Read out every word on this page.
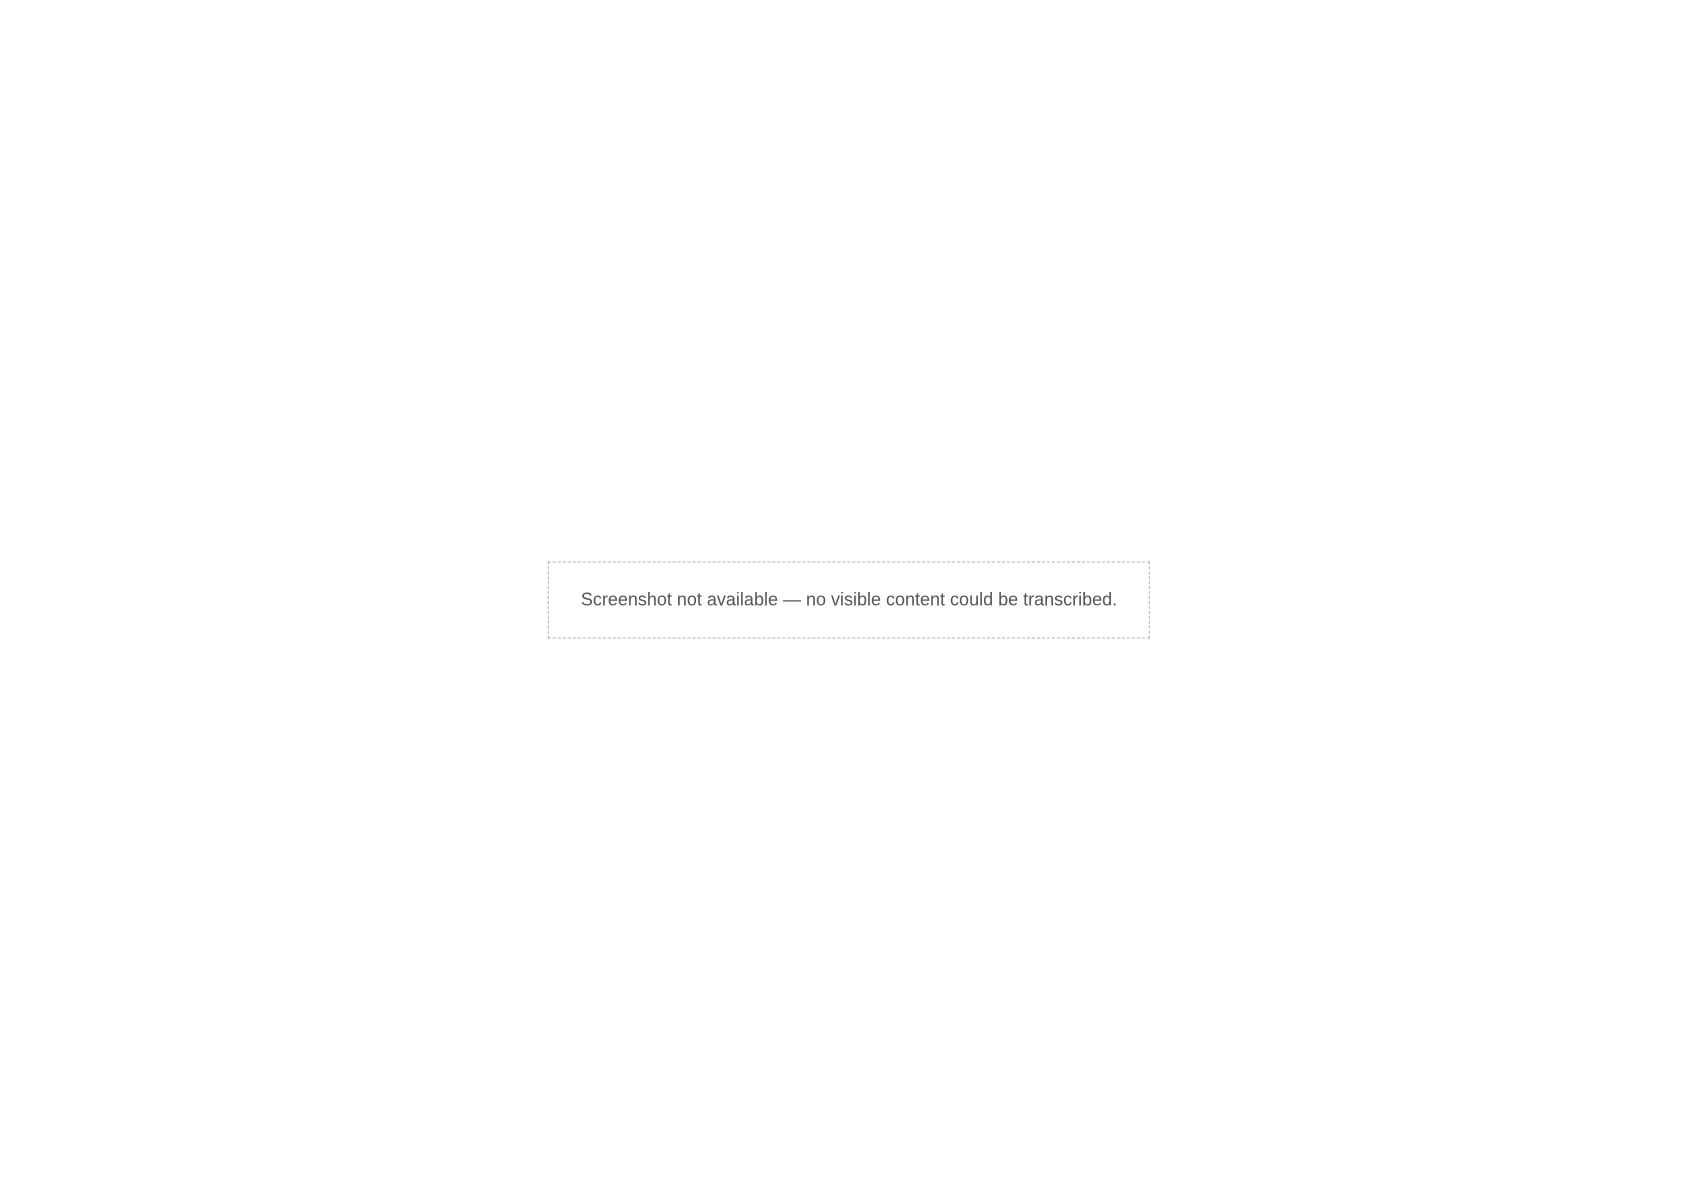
Screenshot not available — no visible content could be transcribed.
